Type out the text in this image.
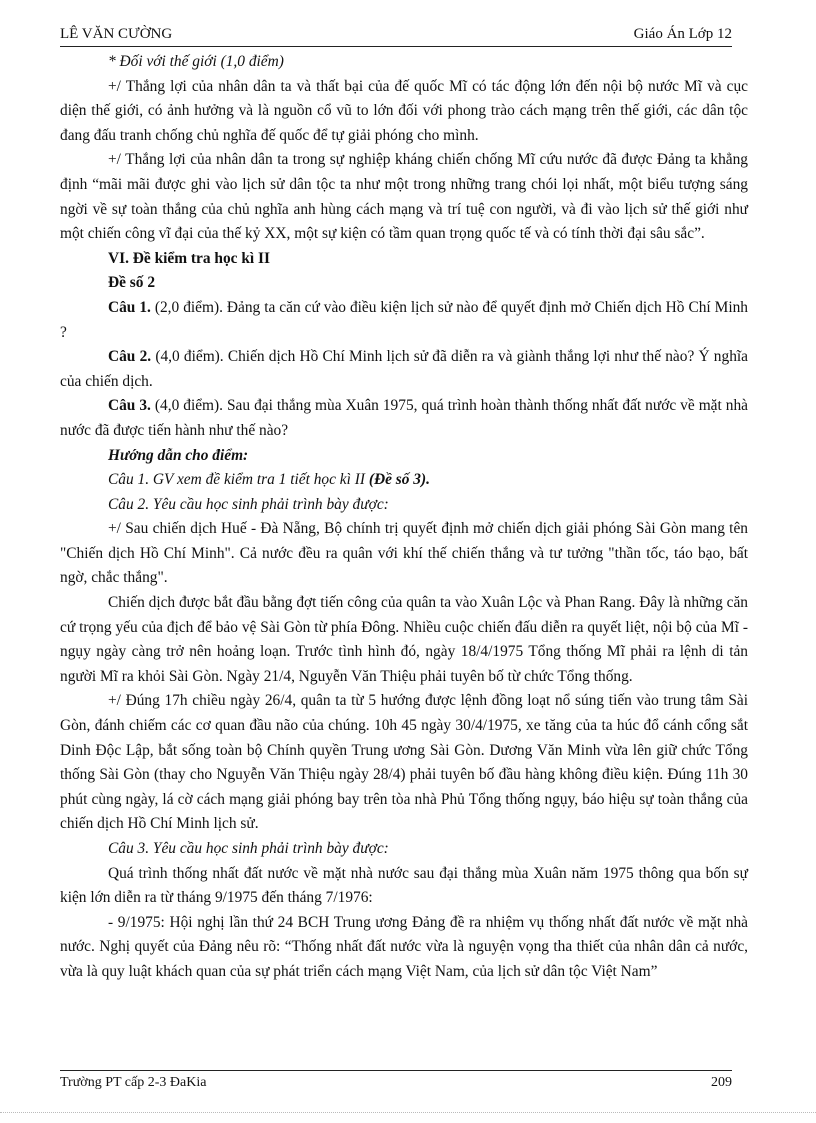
LÊ VĂN CƯỜNG	Giáo Án Lớp 12

* Đối với thế giới (1,0 điểm)

+/ Thắng lợi của nhân dân ta và thất bại của đế quốc Mĩ có tác động lớn đến nội bộ nước Mĩ và cục diện thế giới, có ảnh hưởng và là nguồn cổ vũ to lớn đối với phong trào cách mạng trên thế giới, các dân tộc đang đấu tranh chống chủ nghĩa đế quốc để tự giải phóng cho mình.

+/ Thắng lợi của nhân dân ta trong sự nghiệp kháng chiến chống Mĩ cứu nước đã được Đảng ta khẳng định “mãi mãi được ghi vào lịch sử dân tộc ta như một trong những trang chói lọi nhất, một biểu tượng sáng ngời về sự toàn thắng của chủ nghĩa anh hùng cách mạng và trí tuệ con người, và đi vào lịch sử thế giới như một chiến công vĩ đại của thế kỷ XX, một sự kiện có tầm quan trọng quốc tế và có tính thời đại sâu sắc”.

VI. Đề kiểm tra học kì II

Đề số 2

Câu 1. (2,0 điểm). Đảng ta căn cứ vào điều kiện lịch sử nào để quyết định mở Chiến dịch Hồ Chí Minh ?

Câu 2. (4,0 điểm). Chiến dịch Hồ Chí Minh lịch sử đã diễn ra và giành thắng lợi như thế nào? Ý nghĩa của chiến dịch.

Câu 3. (4,0 điểm). Sau đại thắng mùa Xuân 1975, quá trình hoàn thành thống nhất đất nước về mặt nhà nước đã được tiến hành như thế nào?

Hướng dẫn cho điểm:

Câu 1. GV xem đề kiểm tra 1 tiết học kì II (Đề số 3).

Câu 2. Yêu cầu học sinh phải trình bày được:

+/ Sau chiến dịch Huế - Đà Nẵng, Bộ chính trị quyết định mở chiến dịch giải phóng Sài Gòn mang tên "Chiến dịch Hồ Chí Minh". Cả nước đều ra quân với khí thế chiến thắng và tư tưởng "thần tốc, táo bạo, bất ngờ, chắc thắng".

Chiến dịch được bắt đầu bằng đợt tiến công của quân ta vào Xuân Lộc và Phan Rang. Đây là những căn cứ trọng yếu của địch để bảo vệ Sài Gòn từ phía Đông. Nhiều cuộc chiến đấu diễn ra quyết liệt, nội bộ của Mĩ - ngụy ngày càng trở nên hoảng loạn. Trước tình hình đó, ngày 18/4/1975 Tổng thống Mĩ phải ra lệnh di tản người Mĩ ra khỏi Sài Gòn. Ngày 21/4, Nguyễn Văn Thiệu phải tuyên bố từ chức Tổng thống.

+/ Đúng 17h chiều ngày 26/4, quân ta từ 5 hướng được lệnh đồng loạt nổ súng tiến vào trung tâm Sài Gòn, đánh chiếm các cơ quan đầu não của chúng. 10h 45 ngày 30/4/1975, xe tăng của ta húc đổ cánh cổng sắt Dinh Độc Lập, bắt sống toàn bộ Chính quyền Trung ương Sài Gòn. Dương Văn Minh vừa lên giữ chức Tổng thống Sài Gòn (thay cho Nguyễn Văn Thiệu ngày 28/4) phải tuyên bố đầu hàng không điều kiện. Đúng 11h 30 phút cùng ngày, lá cờ cách mạng giải phóng bay trên tòa nhà Phủ Tổng thống ngụy, báo hiệu sự toàn thắng của chiến dịch Hồ Chí Minh lịch sử.

Câu 3. Yêu cầu học sinh phải trình bày được:

Quá trình thống nhất đất nước về mặt nhà nước sau đại thắng mùa Xuân năm 1975 thông qua bốn sự kiện lớn diễn ra từ tháng 9/1975 đến tháng 7/1976:

- 9/1975: Hội nghị lần thứ 24 BCH Trung ương Đảng đề ra nhiệm vụ thống nhất đất nước về mặt nhà nước. Nghị quyết của Đảng nêu rõ: “Thống nhất đất nước vừa là nguyện vọng tha thiết của nhân dân cả nước, vừa là quy luật khách quan của sự phát triển cách mạng Việt Nam, của lịch sử dân tộc Việt Nam”

Trường PT cấp 2-3 ĐaKia	209
